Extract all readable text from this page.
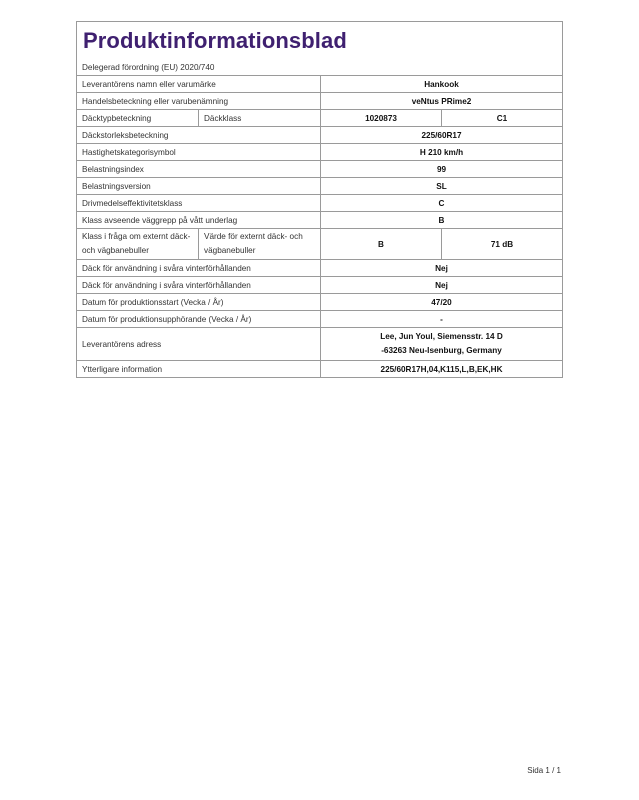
Produktinformationsblad			
Delegerad förordning (EU) 2020/740			
Leverantörens namn eller varumärke		Hankook	
Handelsbeteckning eller varubenämning		veNtus PRime2	
Däcktypbeteckning	Däckklass	1020873	C1
Däckstorleksbeteckning		225/60R17	
Hastighetskategorisymbol		H 210 km/h	
Belastningsindex		99	
Belastningsversion		SL	
Drivmedelseffektivitetsklass		C	
Klass avseende väggrepp på vått underlag		B	
Klass i fråga om externt däck- och vägbanebuller	Värde för externt däck- och vägbanebuller	B	71 dB
Däck för användning i svåra vinterförhållanden		Nej	
Däck för användning i svåra vinterförhållanden		Nej	
Datum för produktionsstart (Vecka / År)		47/20	
Datum för produktionsupphörande (Vecka / År)		-	
Leverantörens adress		Lee, Jun Youl, Siemensstr. 14 D
-63263 Neu-Isenburg, Germany	

Ytterligare information		225/60R17H,04,K115,L,B,EK,HK	
Sida 1 / 1
